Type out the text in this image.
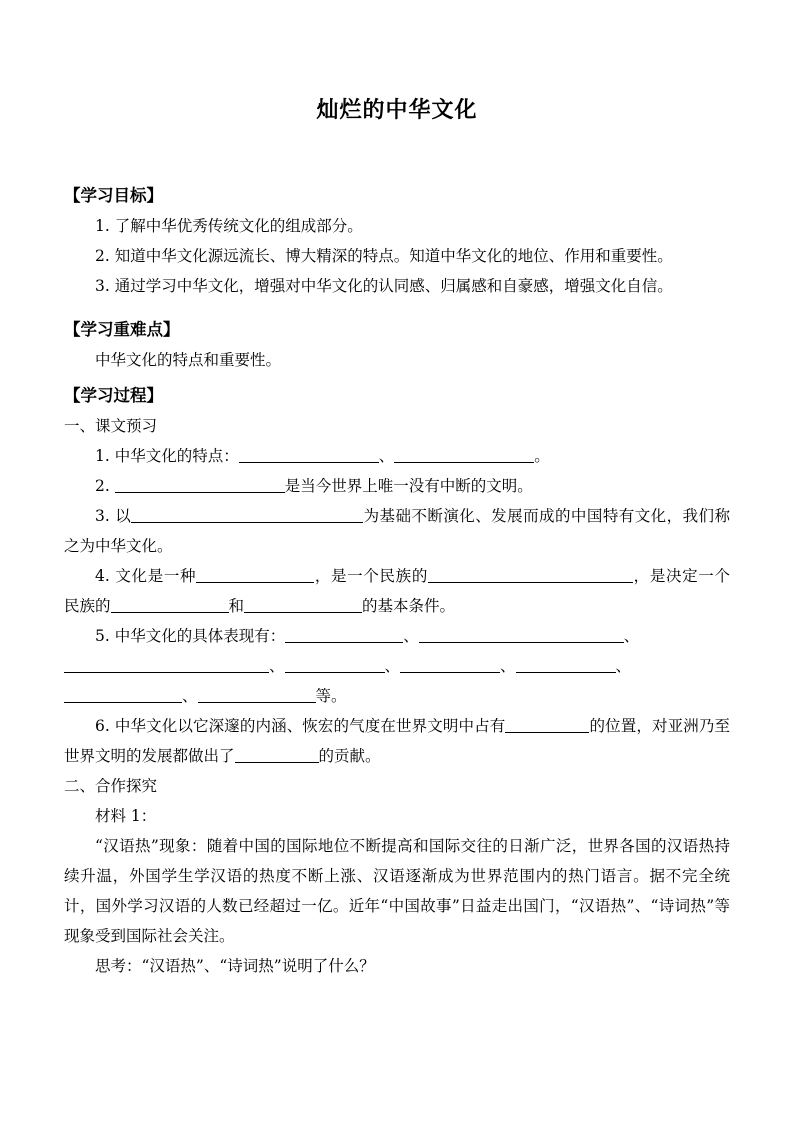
灿烂的中华文化

【学习目标】

1. 了解中华优秀传统文化的组成部分。

2. 知道中华文化源远流长、博大精深的特点。知道中华文化的地位、作用和重要性。

3. 通过学习中华文化，增强对中华文化的认同感、归属感和自豪感，增强文化自信。

【学习重难点】

中华文化的特点和重要性。

【学习过程】

一、课文预习

1. 中华文化的特点：	、	。

2.	是当今世界上唯一没有中断的文明。

3. 以	为基础不断演化、发展而成的中国特有文化，我们称之为中华文化。

4. 文化是一种	，是一个民族的	，是决定一个民族的	和	的基本条件。

5. 中华文化的具体表现有：	、	、

、	、	、	、

、	等。

6. 中华文化以它深邃的内涵、恢宏的气度在世界文明中占有	的位置，对亚洲乃至世界文明的发展都做出了	的贡献。

二、合作探究

材料 1：

“汉语热”现象：随着中国的国际地位不断提高和国际交往的日渐广泛，世界各国的汉语热持续升温，外国学生学汉语的热度不断上涨、汉语逐渐成为世界范围内的热门语言。据不完全统计，国外学习汉语的人数已经超过一亿。近年“中国故事”日益走出国门，“汉语热”、“诗词热”等现象受到国际社会关注。

思考：“汉语热”、“诗词热”说明了什么？
